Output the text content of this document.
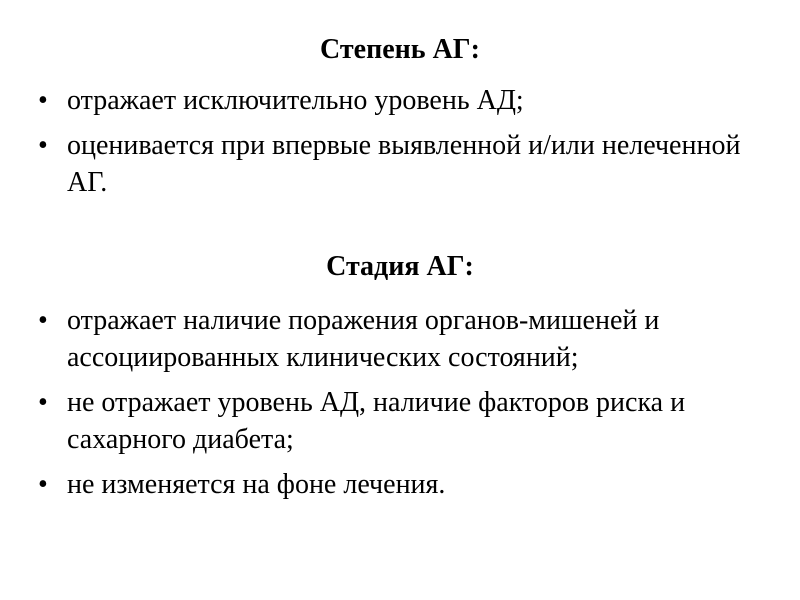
Степень АГ:
• отражает исключительно уровень АД;
• оценивается при впервые выявленной и/или нелеченной АГ.
Стадия АГ:
• отражает наличие поражения органов-мишеней и ассоциированных клинических состояний;
• не отражает уровень АД, наличие факторов риска и сахарного диабета;
• не изменяется на фоне лечения.
